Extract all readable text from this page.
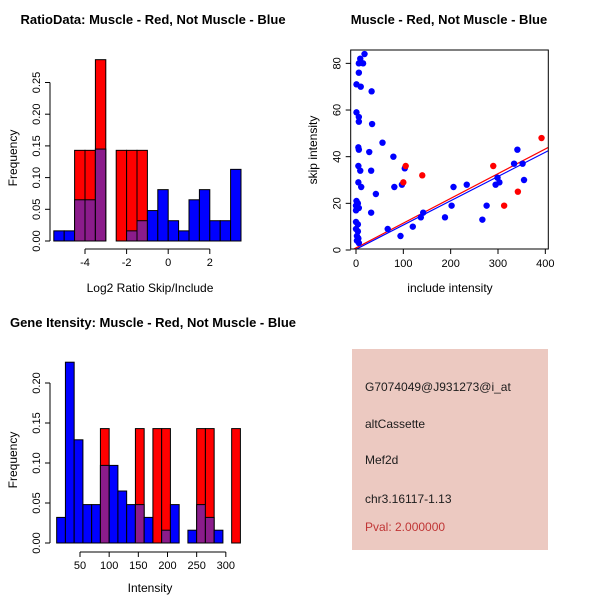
RatioData: Muscle - Red, Not Muscle - Blue	Muscle - Red, Not Muscle - Blue
Gene Itensity: Muscle - Red, Not Muscle - Blue
Log2 Ratio Skip/Include
Frequency
include intensity
skip intensity
Intensity
Frequency
-4	-2	0	2
0.00
0.05
0.10
0.15
0.20
0.25
0	100	200	300	400
0
20
40
60
80
50 100 150 200 250 300
0.00
0.05
0.10
0.15
0.20	G7074049@J931273@i_at
altCassette
Mef2d
chr3.16117-1.13
Pval: 2.000000
